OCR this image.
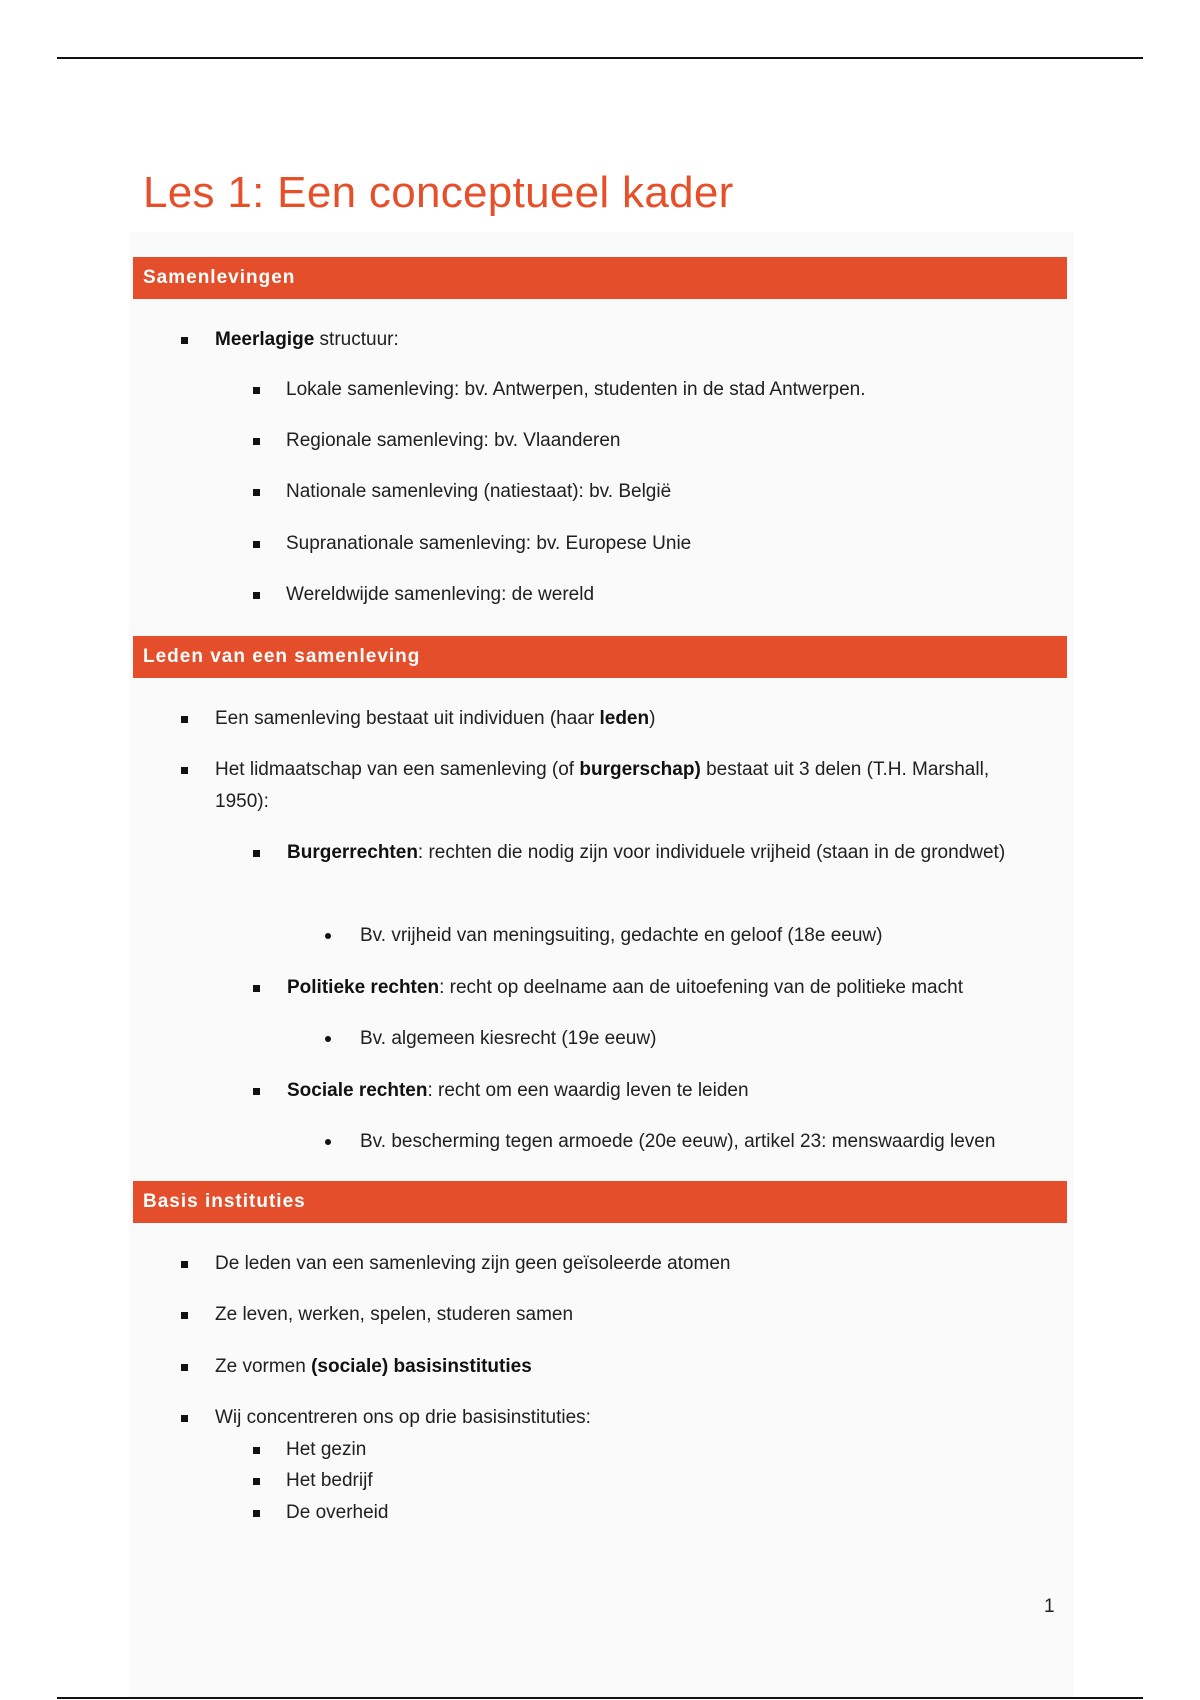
Les 1: Een conceptueel kader
Samenlevingen
Meerlagige structuur:
Lokale samenleving: bv. Antwerpen, studenten in de stad Antwerpen.
Regionale samenleving: bv. Vlaanderen
Nationale samenleving (natiestaat): bv. België
Supranationale samenleving: bv. Europese Unie
Wereldwijde samenleving: de wereld
Leden van een samenleving
Een samenleving bestaat uit individuen (haar leden)
Het lidmaatschap van een samenleving (of burgerschap) bestaat uit 3 delen (T.H. Marshall, 1950):
Burgerrechten: rechten die nodig zijn voor individuele vrijheid (staan in de grondwet)
Bv. vrijheid van meningsuiting, gedachte en geloof (18e eeuw)
Politieke rechten: recht op deelname aan de uitoefening van de politieke macht
Bv. algemeen kiesrecht (19e eeuw)
Sociale rechten: recht om een waardig leven te leiden
Bv. bescherming tegen armoede (20e eeuw), artikel 23: menswaardig leven
Basis instituties
De leden van een samenleving zijn geen geïsoleerde atomen
Ze leven, werken, spelen, studeren samen
Ze vormen (sociale) basisinstituties
Wij concentreren ons op drie basisinstituties:
Het gezin
Het bedrijf
De overheid
1
